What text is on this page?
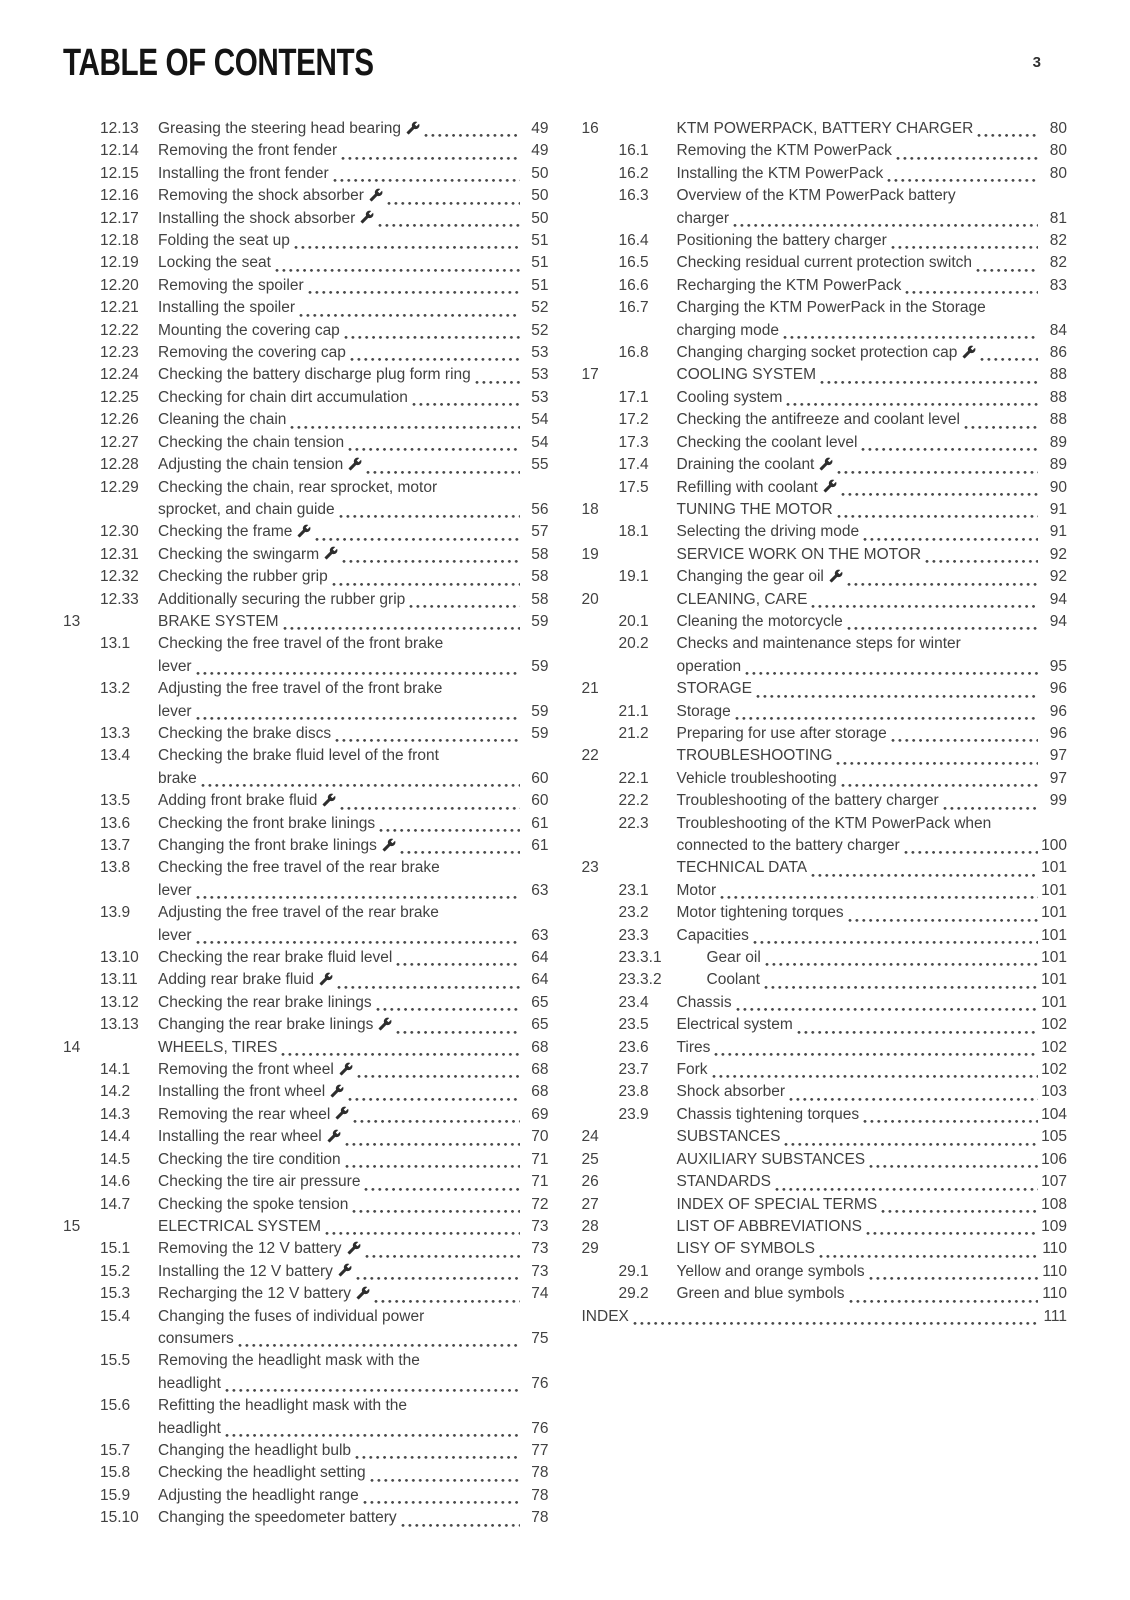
TABLE OF CONTENTS	3
12.13	Greasing the steering head bearing	49
12.14	Removing the front fender	49
12.15	Installing the front fender	50
12.16	Removing the shock absorber	50
12.17	Installing the shock absorber	50
12.18	Folding the seat up	51
12.19	Locking the seat	51
12.20	Removing the spoiler	51
12.21	Installing the spoiler	52
12.22	Mounting the covering cap	52
12.23	Removing the covering cap	53
12.24	Checking the battery discharge plug form ring	53
12.25	Checking for chain dirt accumulation	53
12.26	Cleaning the chain	54
12.27	Checking the chain tension	54
12.28	Adjusting the chain tension	55
12.29	Checking the chain, rear sprocket, motor
sprocket, and chain guide	56
12.30	Checking the frame	57
12.31	Checking the swingarm	58
12.32	Checking the rubber grip	58
12.33	Additionally securing the rubber grip	58
13	BRAKE SYSTEM	59
13.1	Checking the free travel of the front brake
lever	59
13.2	Adjusting the free travel of the front brake
lever	59
13.3	Checking the brake discs	59
13.4	Checking the brake fluid level of the front
brake	60
13.5	Adding front brake fluid	60
13.6	Checking the front brake linings	61
13.7	Changing the front brake linings	61
13.8	Checking the free travel of the rear brake
lever	63
13.9	Adjusting the free travel of the rear brake
lever	63
13.10	Checking the rear brake fluid level	64
13.11	Adding rear brake fluid	64
13.12	Checking the rear brake linings	65
13.13	Changing the rear brake linings	65
14	WHEELS, TIRES	68
14.1	Removing the front wheel	68
14.2	Installing the front wheel	68
14.3	Removing the rear wheel	69
14.4	Installing the rear wheel	70
14.5	Checking the tire condition	71
14.6	Checking the tire air pressure	71
14.7	Checking the spoke tension	72
15	ELECTRICAL SYSTEM	73
15.1	Removing the 12 V battery	73
15.2	Installing the 12 V battery	73
15.3	Recharging the 12 V battery	74
15.4	Changing the fuses of individual power
consumers	75
15.5	Removing the headlight mask with the
headlight	76
15.6	Refitting the headlight mask with the
headlight	76
15.7	Changing the headlight bulb	77
15.8	Checking the headlight setting	78
15.9	Adjusting the headlight range	78
15.10	Changing the speedometer battery	78
16	KTM POWERPACK, BATTERY CHARGER	80
16.1	Removing the KTM PowerPack	80
16.2	Installing the KTM PowerPack	80
16.3	Overview of the KTM PowerPack battery
charger	81
16.4	Positioning the battery charger	82
16.5	Checking residual current protection switch	82
16.6	Recharging the KTM PowerPack	83
16.7	Charging the KTM PowerPack in the Storage
charging mode	84
16.8	Changing charging socket protection cap	86
17	COOLING SYSTEM	88
17.1	Cooling system	88
17.2	Checking the antifreeze and coolant level	88
17.3	Checking the coolant level	89
17.4	Draining the coolant	89
17.5	Refilling with coolant	90
18	TUNING THE MOTOR	91
18.1	Selecting the driving mode	91
19	SERVICE WORK ON THE MOTOR	92
19.1	Changing the gear oil	92
20	CLEANING, CARE	94
20.1	Cleaning the motorcycle	94
20.2	Checks and maintenance steps for winter
operation	95
21	STORAGE	96
21.1	Storage	96
21.2	Preparing for use after storage	96
22	TROUBLESHOOTING	97
22.1	Vehicle troubleshooting	97
22.2	Troubleshooting of the battery charger	99
22.3	Troubleshooting of the KTM PowerPack when
connected to the battery charger	100
23	TECHNICAL DATA	101
23.1	Motor	101
23.2	Motor tightening torques	101
23.3	Capacities	101
23.3.1	Gear oil	101
23.3.2	Coolant	101
23.4	Chassis	101
23.5	Electrical system	102
23.6	Tires	102
23.7	Fork	102
23.8	Shock absorber	103
23.9	Chassis tightening torques	104
24	SUBSTANCES	105
25	AUXILIARY SUBSTANCES	106
26	STANDARDS	107
27	INDEX OF SPECIAL TERMS	108
28	LIST OF ABBREVIATIONS	109
29	LISY OF SYMBOLS	110
29.1	Yellow and orange symbols	110
29.2	Green and blue symbols	110
INDEX	111
